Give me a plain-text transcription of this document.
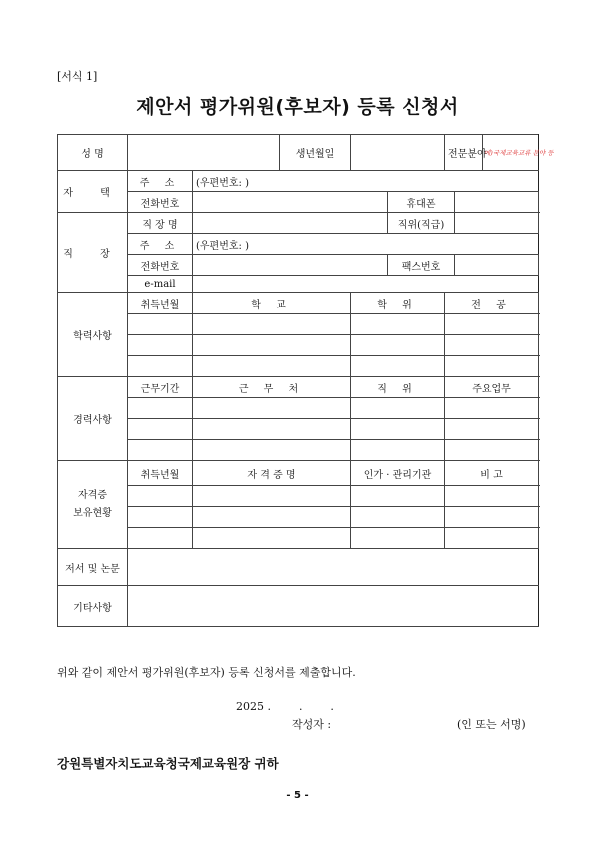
[서식 1]
제안서 평가위원(후보자) 등록 신청서
성 명			생년월일			전문분야		예)국제교육교류 분야 등
자 택	주 소	(우편번호: )						
	전화번호				휴대폰			
직 장	직 장 명				직위(직급)			
	주 소	(우편번호: )						
	전화번호				팩스번호			
	e-mail							
학력사항	취득년월	학 교		학 위		전 공		

경력사항	근무기간	근 무 처		직 위		주요업무		

자격증
보유현황	취득년월	자 격 증 명		인가 · 관리기관		비 고		

저서 및 논문								
기타사항								
위와 같이 제안서 평가위원(후보자) 등록 신청서를 제출합니다.
2025 .        .        .
작성자 :	(인 또는 서명)
강원특별자치도교육청국제교육원장 귀하
- 5 -
